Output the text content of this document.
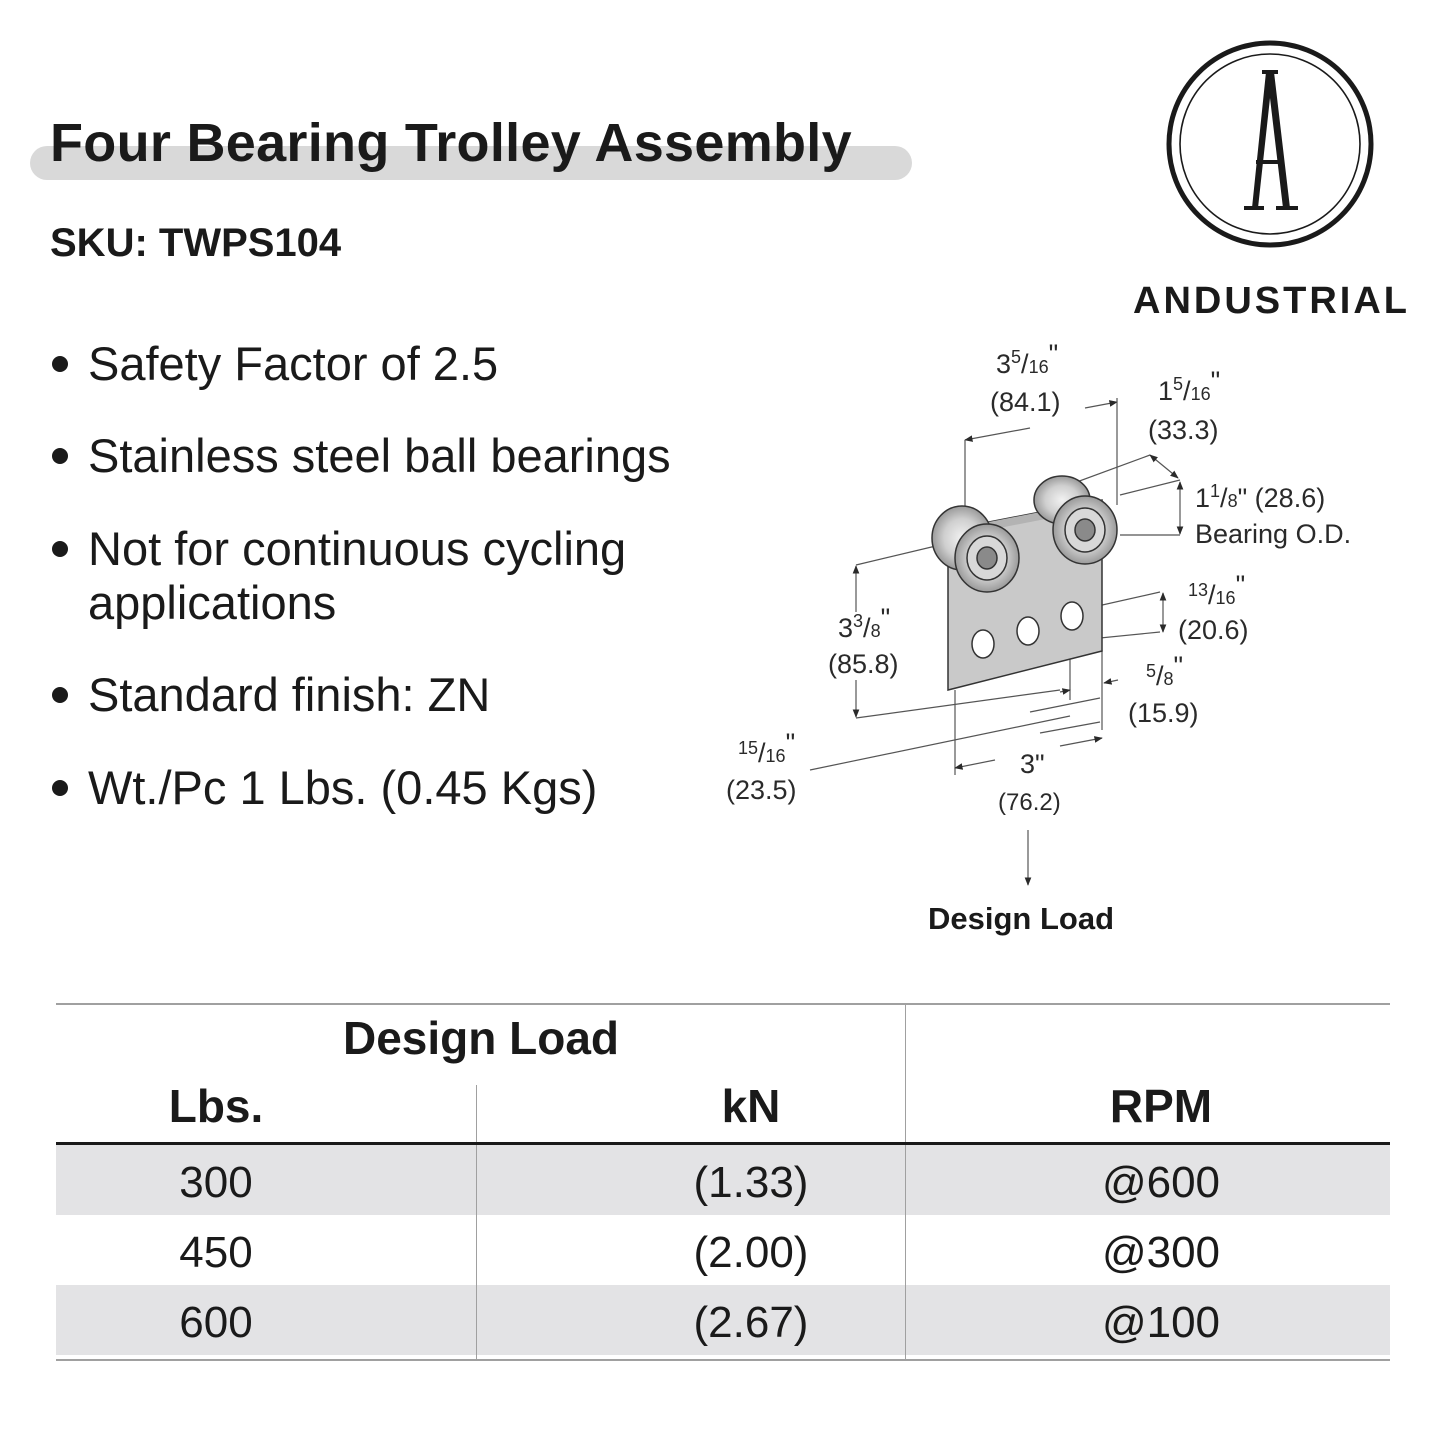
Four Bearing Trolley Assembly

SKU: TWPS104

A

ANDUSTRIAL

Safety Factor of 2.5
Stainless steel ball bearings
Not for continuous cycling
applications
Standard finish: ZN
Wt./Pc 1 Lbs. (0.45 Kgs)
$3^5/16$"
(84.1)	$1^5/16$"
(33.3)
$1^1/8$" (28.6)
Bearing O.D.
$3^3/8$"
(85.8)
$^{13}$/16"
(20.6)
$^5$/8"
(15.9)
$^{15}$/16"
(23.5)
3"
(76.2)
Design Load
Design Load
Lbs.	kN	RPM
300	(1.33)	@600
450	(2.00)	@300
600	(2.67)	@100
